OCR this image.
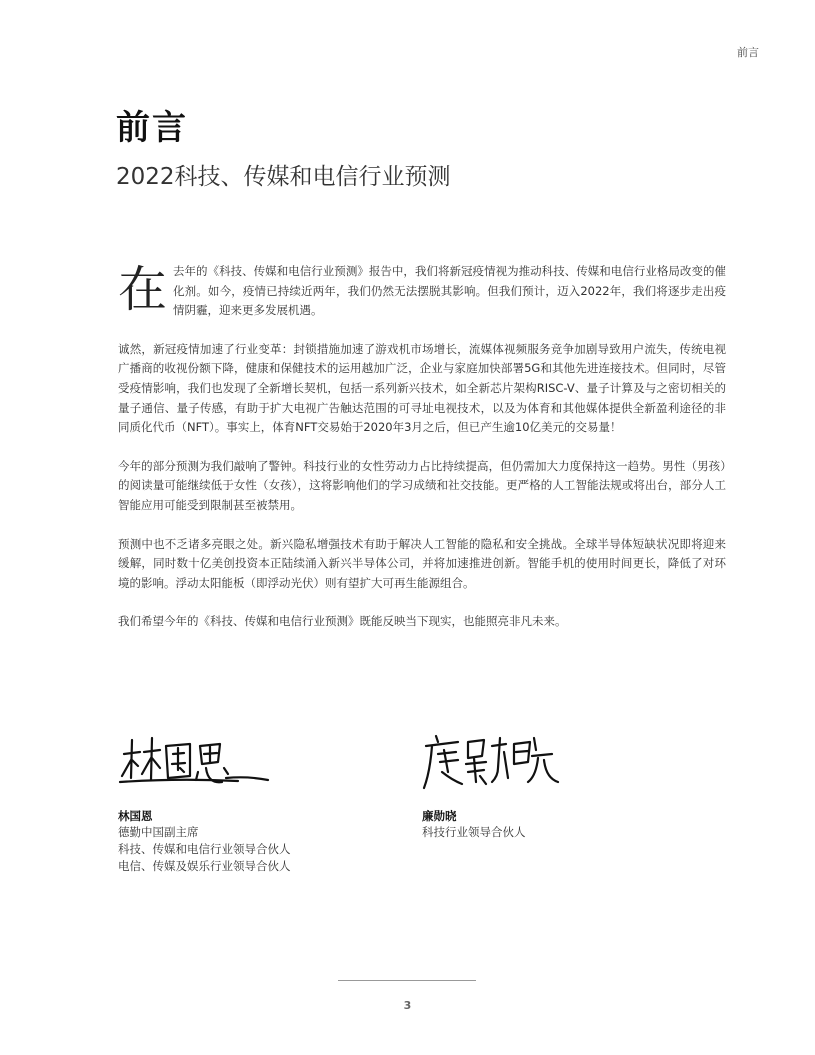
前言
前言
2022科技、传媒和电信行业预测

在 去年的《科技、传媒和电信行业预测》报告中，我们将新冠疫情视为推动科技、传媒和电信行业格局改变的催化剂。如今，疫情已持续近两年，我们仍然无法摆脱其影响。但我们预计，迈入2022年，我们将逐步走出疫情阴霾，迎来更多发展机遇。

诚然，新冠疫情加速了行业变革：封锁措施加速了游戏机市场增长，流媒体视频服务竞争加剧导致用户流失，传统电视广播商的收视份额下降，健康和保健技术的运用越加广泛，企业与家庭加快部署5G和其他先进连接技术。但同时，尽管受疫情影响，我们也发现了全新增长契机，包括一系列新兴技术，如全新芯片架构RISC-V、量子计算及与之密切相关的量子通信、量子传感，有助于扩大电视广告触达范围的可寻址电视技术，以及为体育和其他媒体提供全新盈利途径的非同质化代币（NFT）。事实上，体育NFT交易始于2020年3月之后，但已产生逾10亿美元的交易量！

今年的部分预测为我们敲响了警钟。科技行业的女性劳动力占比持续提高，但仍需加大力度保持这一趋势。男性（男孩）的阅读量可能继续低于女性（女孩），这将影响他们的学习成绩和社交技能。更严格的人工智能法规或将出台，部分人工智能应用可能受到限制甚至被禁用。

预测中也不乏诸多亮眼之处。新兴隐私增强技术有助于解决人工智能的隐私和安全挑战。全球半导体短缺状况即将迎来缓解，同时数十亿美创投资本正陆续涌入新兴半导体公司，并将加速推进创新。智能手机的使用时间更长，降低了对环境的影响。浮动太阳能板（即浮动光伏）则有望扩大可再生能源组合。

我们希望今年的《科技、传媒和电信行业预测》既能反映当下现实，也能照亮非凡未来。

林国恩
德勤中国副主席
科技、传媒和电信行业领导合伙人
电信、传媒及娱乐行业领导合伙人
廉勋晓
科技行业领导合伙人
3
